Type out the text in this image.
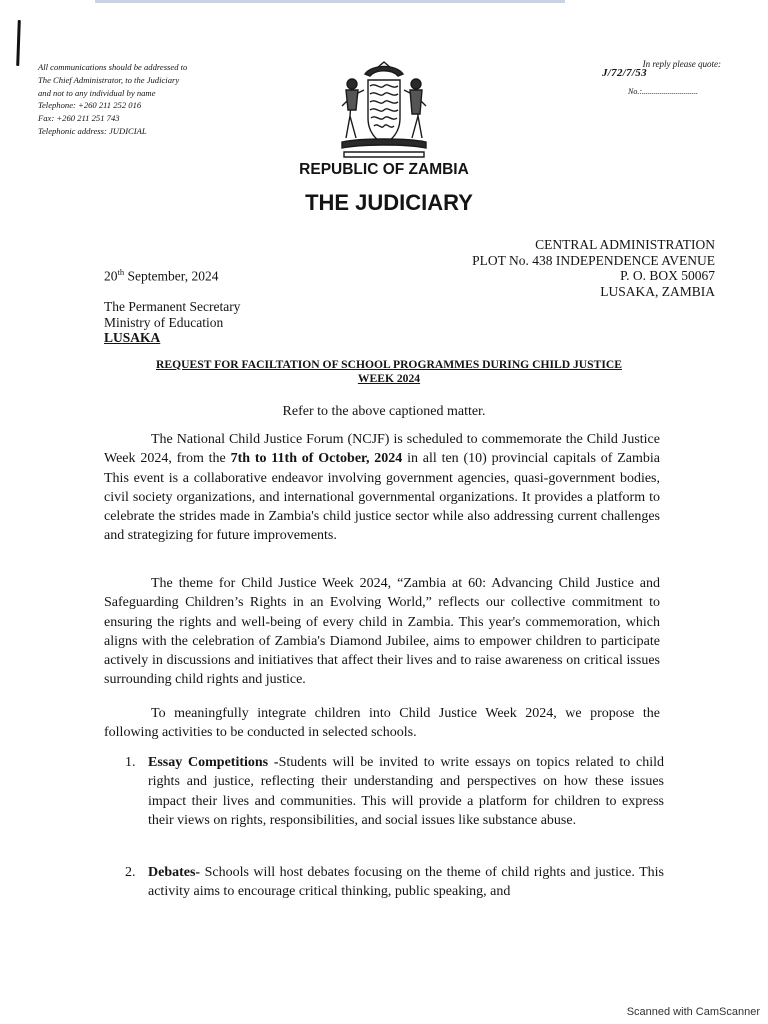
All communications should be addressed to
The Chief Administrator, to the Judiciary
and not to any individual by name
Telephone: +260 211 252 016
Fax: +260 211 251 743
Telephonic address: JUDICIAL
In reply please quote:
J/72/7/53
No.:............................
REPUBLIC OF ZAMBIA
THE JUDICIARY
CENTRAL ADMINISTRATION
PLOT No. 438 INDEPENDENCE AVENUE
P. O. BOX 50067
LUSAKA, ZAMBIA
20th September, 2024
The Permanent Secretary
Ministry of Education
LUSAKA
REQUEST FOR FACILTATION OF SCHOOL PROGRAMMES DURING CHILD JUSTICE
WEEK 2024
Refer to the above captioned matter.

The National Child Justice Forum (NCJF) is scheduled to commemorate the Child Justice Week 2024, from the 7th to 11th of October, 2024 in all ten (10) provincial capitals of Zambia This event is a collaborative endeavor involving government agencies, quasi-government bodies, civil society organizations, and international governmental organizations. It provides a platform to celebrate the strides made in Zambia's child justice sector while also addressing current challenges and strategizing for future improvements.

The theme for Child Justice Week 2024, “Zambia at 60: Advancing Child Justice and Safeguarding Children’s Rights in an Evolving World,” reflects our collective commitment to ensuring the rights and well-being of every child in Zambia. This year's commemoration, which aligns with the celebration of Zambia's Diamond Jubilee, aims to empower children to participate actively in discussions and initiatives that affect their lives and to raise awareness on critical issues surrounding child rights and justice.

To meaningfully integrate children into Child Justice Week 2024, we propose the following activities to be conducted in selected schools.

1. Essay Competitions -Students will be invited to write essays on topics related to child rights and justice, reflecting their understanding and perspectives on how these issues impact their lives and communities. This will provide a platform for children to express their views on rights, responsibilities, and social issues like substance abuse.
2. Debates- Schools will host debates focusing on the theme of child rights and justice. This activity aims to encourage critical thinking, public speaking, and
Scanned with CamScanner
